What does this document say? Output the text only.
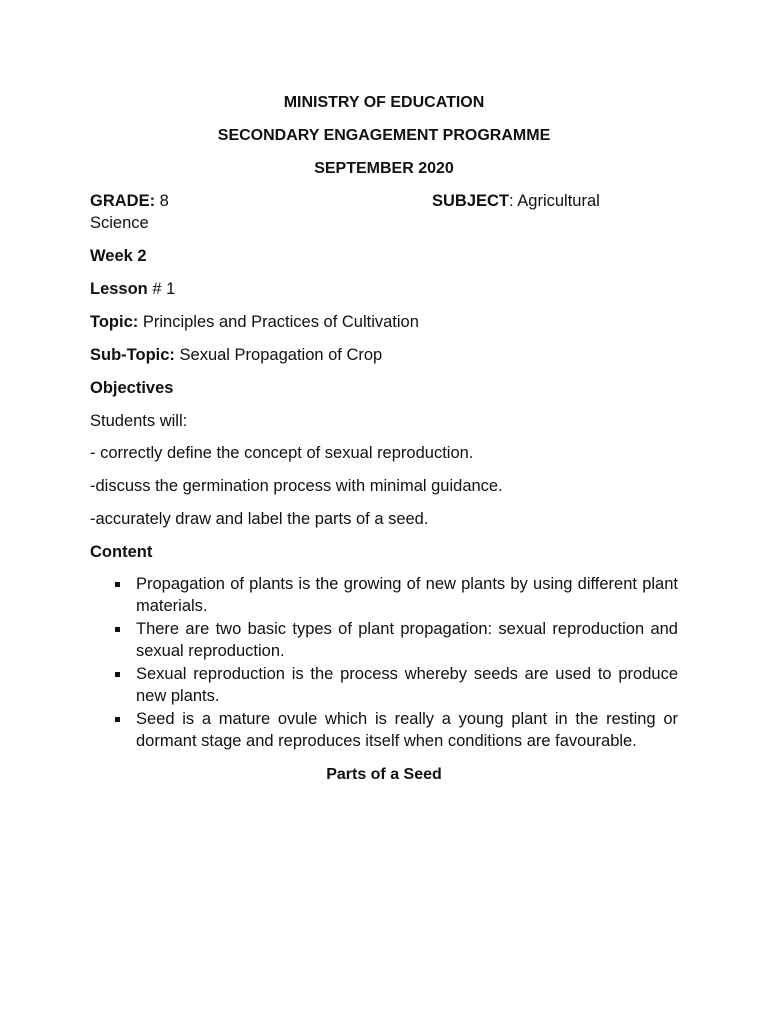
MINISTRY OF EDUCATION
SECONDARY ENGAGEMENT PROGRAMME
SEPTEMBER 2020
GRADE: 8	SUBJECT: Agricultural
Science
Week 2
Lesson # 1
Topic: Principles and Practices of Cultivation
Sub-Topic: Sexual Propagation of Crop
Objectives
Students will:
- correctly define the concept of sexual reproduction.
-discuss the germination process with minimal guidance.
-accurately draw and label the parts of a seed.
Content
Propagation of plants is the growing of new plants by using different plant materials.
There are two basic types of plant propagation: sexual reproduction and sexual reproduction.
Sexual reproduction is the process whereby seeds are used to produce new plants.
Seed is a mature ovule which is really a young plant in the resting or dormant stage and reproduces itself when conditions are favourable.
Parts of a Seed
